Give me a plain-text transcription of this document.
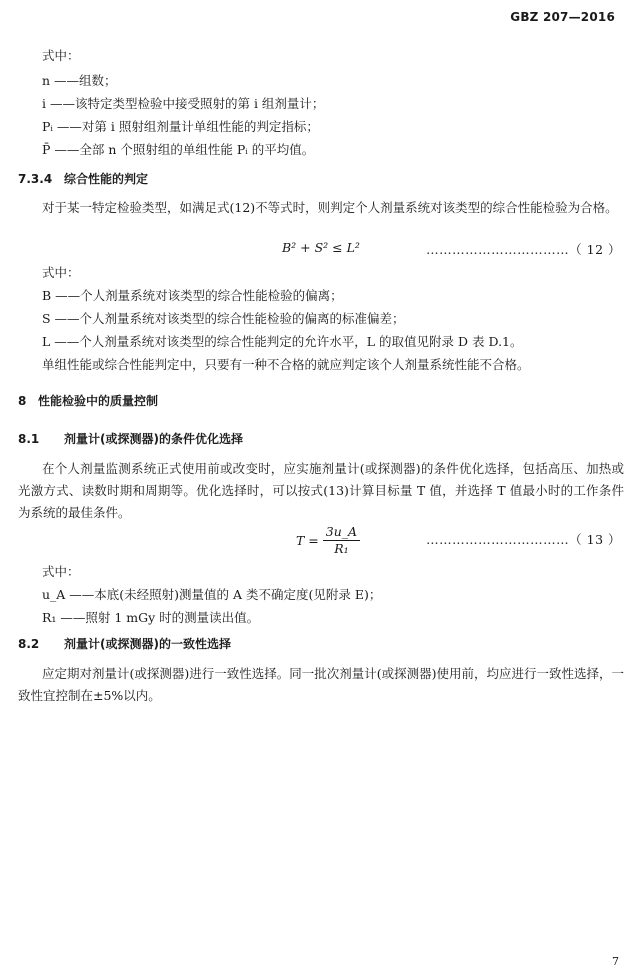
GBZ 207—2016
式中：
n ——组数；
i ——该特定类型检验中接受照射的第 i 组剂量计；
Pᵢ ——对第 i 照射组剂量计单组性能的判定指标；
P̄ ——全部 n 个照射组的单组性能 Pᵢ 的平均值。
7.3.4 综合性能的判定
对于某一特定检验类型，如满足式(12)不等式时，则判定个人剂量系统对该类型的综合性能检验为合格。
B² + S² ≤ L²	……………………………（ 12 ）
式中：
B ——个人剂量系统对该类型的综合性能检验的偏离；
S ——个人剂量系统对该类型的综合性能检验的偏离的标准偏差；
L ——个人剂量系统对该类型的综合性能判定的允许水平，L 的取值见附录 D 表 D.1。
单组性能或综合性能判定中，只要有一种不合格的就应判定该个人剂量系统性能不合格。
8 性能检验中的质量控制
8.1 剂量计(或探测器)的条件优化选择
在个人剂量监测系统正式使用前或改变时，应实施剂量计(或探测器)的条件优化选择，包括高压、加热或光激方式、读数时期和周期等。优化选择时，可以按式(13)计算目标量 T 值，并选择 T 值最小时的工作条件为系统的最佳条件。
$T = \frac{3u\_A}{\text{R₁}}$	……………………………（ 13 ）
式中：
u_A ——本底(未经照射)测量值的 A 类不确定度(见附录 E)；
R₁ ——照射 1 mGy 时的测量读出值。
8.2 剂量计(或探测器)的一致性选择
应定期对剂量计(或探测器)进行一致性选择。同一批次剂量计(或探测器)使用前，均应进行一致性选择，一致性宜控制在±5%以内。
7
